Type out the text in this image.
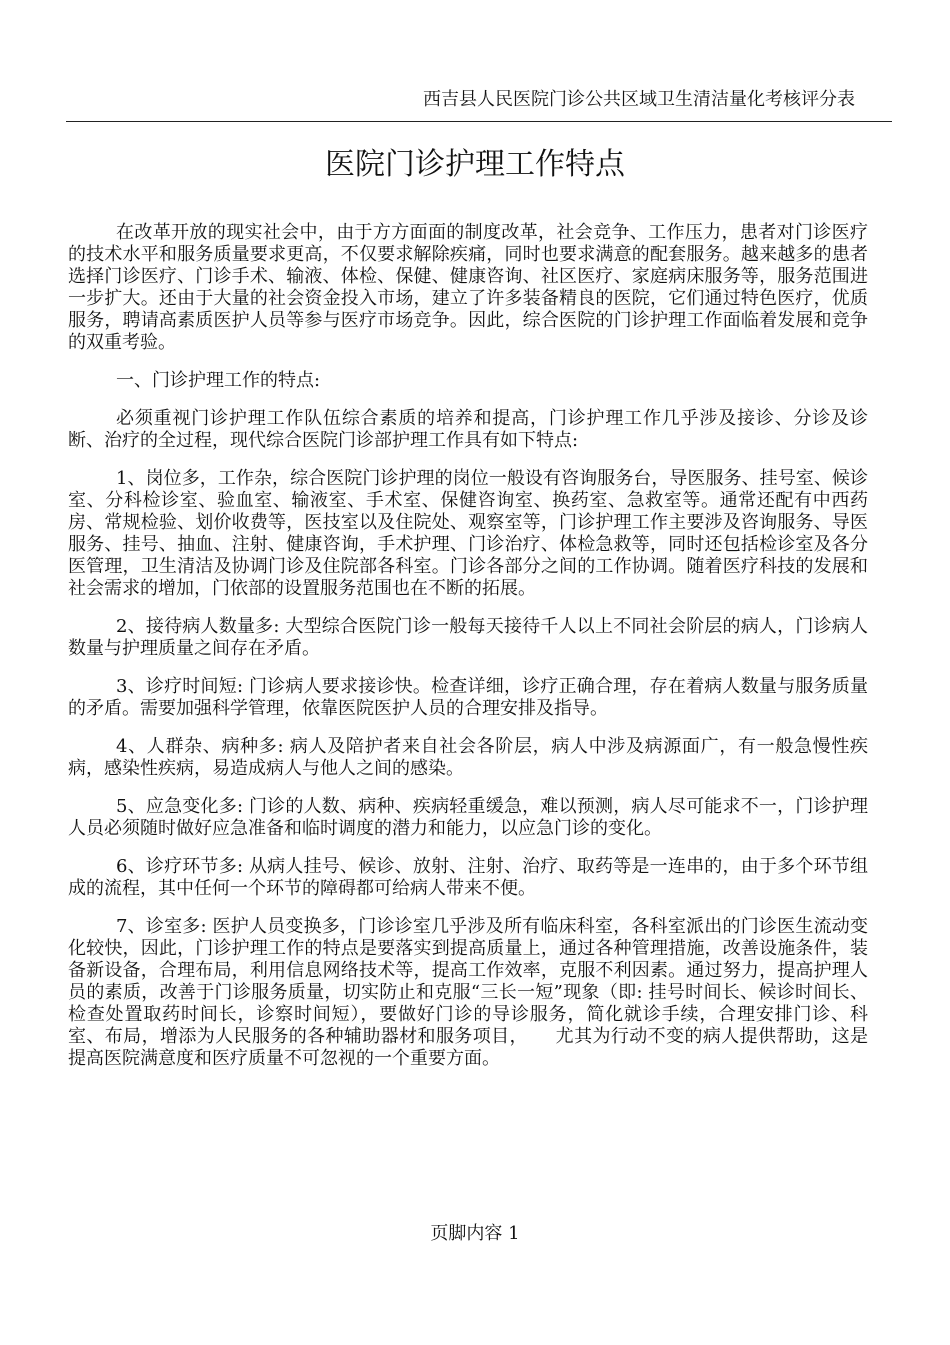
西吉县人民医院门诊公共区域卫生清洁量化考核评分表
医院门诊护理工作特点

在改革开放的现实社会中，由于方方面面的制度改革，社会竞争、工作压力，患者对门诊医疗的技术水平和服务质量要求更高，不仅要求解除疾痛，同时也要求满意的配套服务。越来越多的患者选择门诊医疗、门诊手术、输液、体检、保健、健康咨询、社区医疗、家庭病床服务等，服务范围进一步扩大。还由于大量的社会资金投入市场，建立了许多装备精良的医院，它们通过特色医疗，优质服务，聘请高素质医护人员等参与医疗市场竞争。因此，综合医院的门诊护理工作面临着发展和竞争的双重考验。

一、门诊护理工作的特点:

必须重视门诊护理工作队伍综合素质的培养和提高，门诊护理工作几乎涉及接诊、分诊及诊断、治疗的全过程，现代综合医院门诊部护理工作具有如下特点:

1、岗位多，工作杂，综合医院门诊护理的岗位一般设有咨询服务台，导医服务、挂号室、候诊室、分科检诊室、验血室、输液室、手术室、保健咨询室、换药室、急救室等。通常还配有中西药房、常规检验、划价收费等，医技室以及住院处、观察室等，门诊护理工作主要涉及咨询服务、导医服务、挂号、抽血、注射、健康咨询，手术护理、门诊治疗、体检急救等，同时还包括检诊室及各分医管理，卫生清洁及协调门诊及住院部各科室。门诊各部分之间的工作协调。随着医疗科技的发展和社会需求的增加，门依部的设置服务范围也在不断的拓展。

2、接待病人数量多: 大型综合医院门诊一般每天接待千人以上不同社会阶层的病人，门诊病人数量与护理质量之间存在矛盾。

3、诊疗时间短: 门诊病人要求接诊快。检查详细，诊疗正确合理，存在着病人数量与服务质量的矛盾。需要加强科学管理，依靠医院医护人员的合理安排及指导。

4、人群杂、病种多: 病人及陪护者来自社会各阶层，病人中涉及病源面广，有一般急慢性疾病，感染性疾病，易造成病人与他人之间的感染。

5、应急变化多: 门诊的人数、病种、疾病轻重缓急，难以预测，病人尽可能求不一，门诊护理人员必须随时做好应急准备和临时调度的潜力和能力，以应急门诊的变化。

6、诊疗环节多: 从病人挂号、候诊、放射、注射、治疗、取药等是一连串的，由于多个环节组成的流程，其中任何一个环节的障碍都可给病人带来不便。

7、诊室多: 医护人员变换多，门诊诊室几乎涉及所有临床科室，各科室派出的门诊医生流动变化较快，因此，门诊护理工作的特点是要落实到提高质量上，通过各种管理措施，改善设施条件，装备新设备，合理布局，利用信息网络技术等，提高工作效率，克服不利因素。通过努力，提高护理人员的素质，改善于门诊服务质量，切实防止和克服“三长一短”现象（即: 挂号时间长、候诊时间长、检查处置取药时间长，诊察时间短），要做好门诊的导诊服务，简化就诊手续，合理安排门诊、科室、布局，增添为人民服务的各种辅助器材和服务项目，　　尤其为行动不变的病人提供帮助，这是提高医院满意度和医疗质量不可忽视的一个重要方面。

页脚内容 1
